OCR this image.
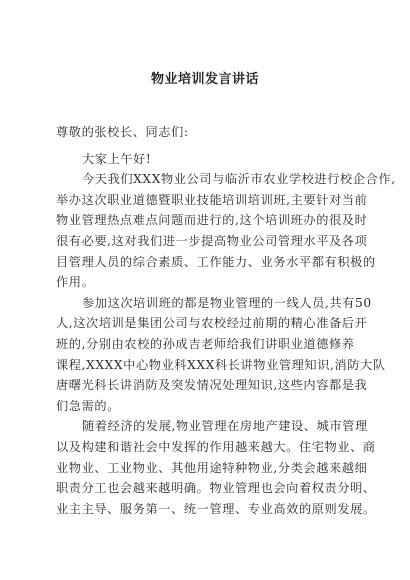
物业培训发言讲话
尊敬的张校长、同志们:
大家上午好!
今天我们XXX物业公司与临沂市农业学校进行校企合作,
举办这次职业道德暨职业技能培训培训班,主要针对当前
物业管理热点难点问题而进行的,这个培训班办的很及时
很有必要,这对我们进一步提高物业公司管理水平及各项
目管理人员的综合素质、工作能力、业务水平都有积极的
作用。
参加这次培训班的都是物业管理的一线人员,共有50
人,这次培训是集团公司与农校经过前期的精心准备后开
班的,分别由农校的孙成吉老师给我们讲职业道德修养
课程,XXXX中心物业科XXX科长讲物业管理知识,消防大队
唐曙光科长讲消防及突发情况处理知识,这些内容都是我
们急需的。
随着经济的发展,物业管理在房地产建设、城市管理
以及构建和谐社会中发挥的作用越来越大。住宅物业、商
业物业、工业物业、其他用途特种物业,分类会越来越细
职责分工也会越来越明确。物业管理也会向着权责分明、
业主主导、服务第一、统一管理、专业高效的原则发展。
